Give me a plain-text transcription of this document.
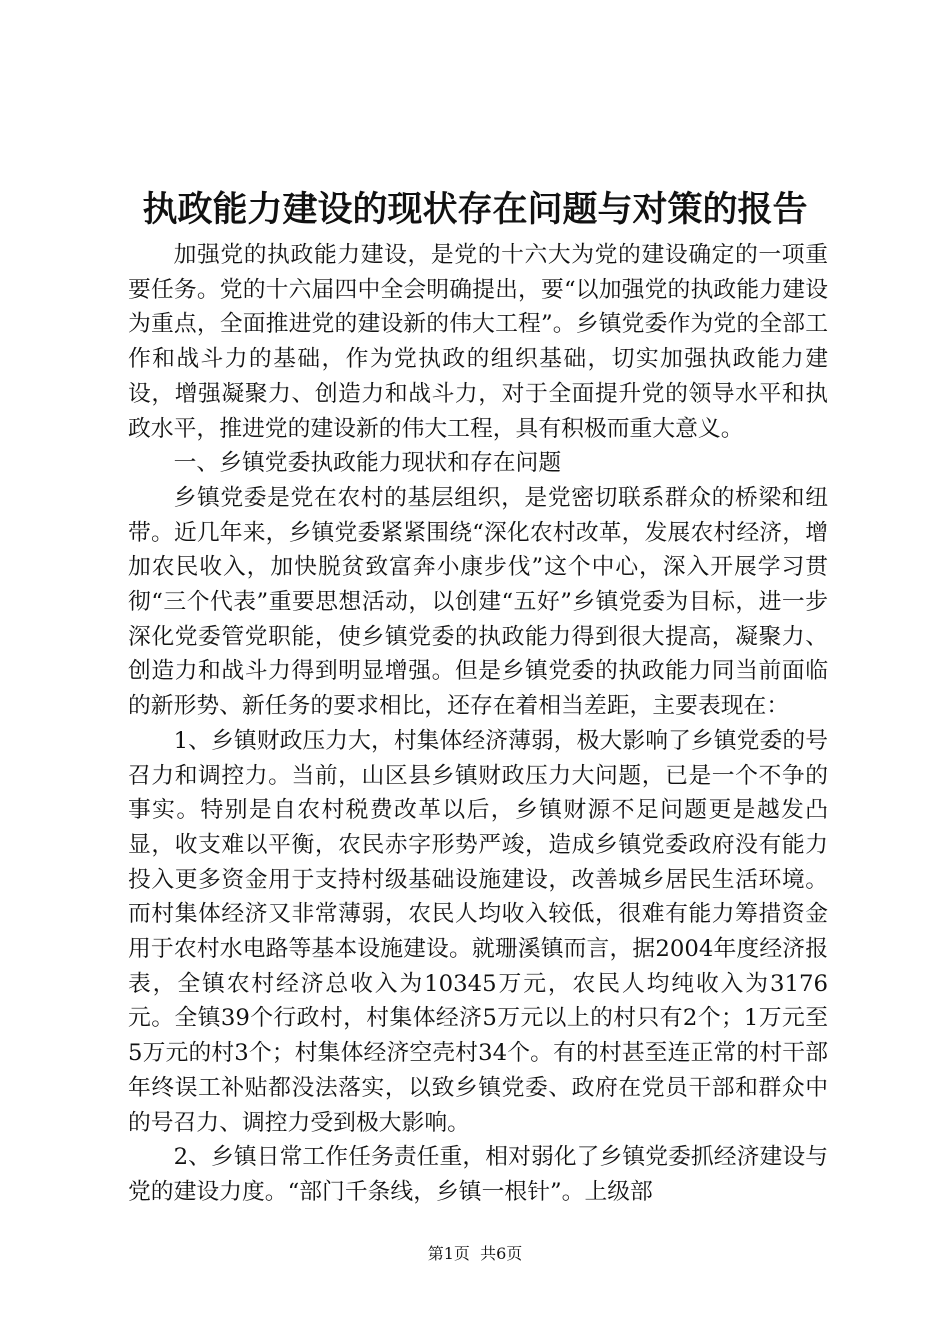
执政能力建设的现状存在问题与对策的报告

加强党的执政能力建设，是党的十六大为党的建设确定的一项重要任务。党的十六届四中全会明确提出，要“以加强党的执政能力建设为重点，全面推进党的建设新的伟大工程”。乡镇党委作为党的全部工作和战斗力的基础，作为党执政的组织基础，切实加强执政能力建设，增强凝聚力、创造力和战斗力，对于全面提升党的领导水平和执政水平，推进党的建设新的伟大工程，具有积极而重大意义。

一、乡镇党委执政能力现状和存在问题

乡镇党委是党在农村的基层组织，是党密切联系群众的桥梁和纽带。近几年来，乡镇党委紧紧围绕“深化农村改革，发展农村经济，增加农民收入，加快脱贫致富奔小康步伐”这个中心，深入开展学习贯彻“三个代表”重要思想活动，以创建“五好”乡镇党委为目标，进一步深化党委管党职能，使乡镇党委的执政能力得到很大提高，凝聚力、创造力和战斗力得到明显增强。但是乡镇党委的执政能力同当前面临的新形势、新任务的要求相比，还存在着相当差距，主要表现在：

1、乡镇财政压力大，村集体经济薄弱，极大影响了乡镇党委的号召力和调控力。当前，山区县乡镇财政压力大问题，已是一个不争的事实。特别是自农村税费改革以后，乡镇财源不足问题更是越发凸显，收支难以平衡，农民赤字形势严竣，造成乡镇党委政府没有能力投入更多资金用于支持村级基础设施建设，改善城乡居民生活环境。而村集体经济又非常薄弱，农民人均收入较低，很难有能力筹措资金用于农村水电路等基本设施建设。就珊溪镇而言，据2004年度经济报表，全镇农村经济总收入为10345万元，农民人均纯收入为3176元。全镇39个行政村，村集体经济5万元以上的村只有2个；1万元至5万元的村3个；村集体经济空壳村34个。有的村甚至连正常的村干部年终误工补贴都没法落实，以致乡镇党委、政府在党员干部和群众中的号召力、调控力受到极大影响。

2、乡镇日常工作任务责任重，相对弱化了乡镇党委抓经济建设与党的建设力度。“部门千条线，乡镇一根针”。上级部

第1页 共6页
